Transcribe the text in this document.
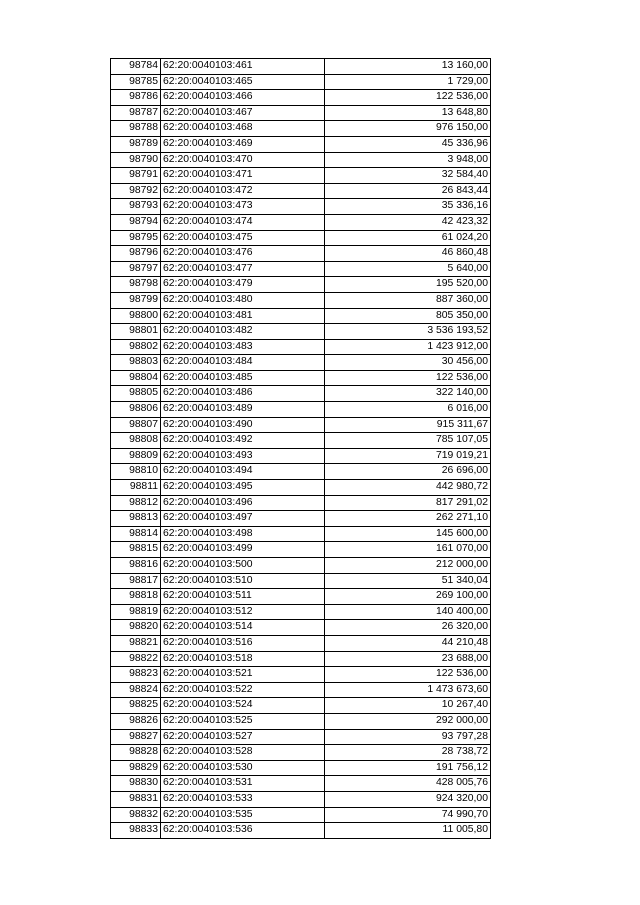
98784	62:20:0040103:461	13 160,00
98785	62:20:0040103:465	1 729,00
98786	62:20:0040103:466	122 536,00
98787	62:20:0040103:467	13 648,80
98788	62:20:0040103:468	976 150,00
98789	62:20:0040103:469	45 336,96
98790	62:20:0040103:470	3 948,00
98791	62:20:0040103:471	32 584,40
98792	62:20:0040103:472	26 843,44
98793	62:20:0040103:473	35 336,16
98794	62:20:0040103:474	42 423,32
98795	62:20:0040103:475	61 024,20
98796	62:20:0040103:476	46 860,48
98797	62:20:0040103:477	5 640,00
98798	62:20:0040103:479	195 520,00
98799	62:20:0040103:480	887 360,00
98800	62:20:0040103:481	805 350,00
98801	62:20:0040103:482	3 536 193,52
98802	62:20:0040103:483	1 423 912,00
98803	62:20:0040103:484	30 456,00
98804	62:20:0040103:485	122 536,00
98805	62:20:0040103:486	322 140,00
98806	62:20:0040103:489	6 016,00
98807	62:20:0040103:490	915 311,67
98808	62:20:0040103:492	785 107,05
98809	62:20:0040103:493	719 019,21
98810	62:20:0040103:494	26 696,00
98811	62:20:0040103:495	442 980,72
98812	62:20:0040103:496	817 291,02
98813	62:20:0040103:497	262 271,10
98814	62:20:0040103:498	145 600,00
98815	62:20:0040103:499	161 070,00
98816	62:20:0040103:500	212 000,00
98817	62:20:0040103:510	51 340,04
98818	62:20:0040103:511	269 100,00
98819	62:20:0040103:512	140 400,00
98820	62:20:0040103:514	26 320,00
98821	62:20:0040103:516	44 210,48
98822	62:20:0040103:518	23 688,00
98823	62:20:0040103:521	122 536,00
98824	62:20:0040103:522	1 473 673,60
98825	62:20:0040103:524	10 267,40
98826	62:20:0040103:525	292 000,00
98827	62:20:0040103:527	93 797,28
98828	62:20:0040103:528	28 738,72
98829	62:20:0040103:530	191 756,12
98830	62:20:0040103:531	428 005,76
98831	62:20:0040103:533	924 320,00
98832	62:20:0040103:535	74 990,70
98833	62:20:0040103:536	11 005,80
